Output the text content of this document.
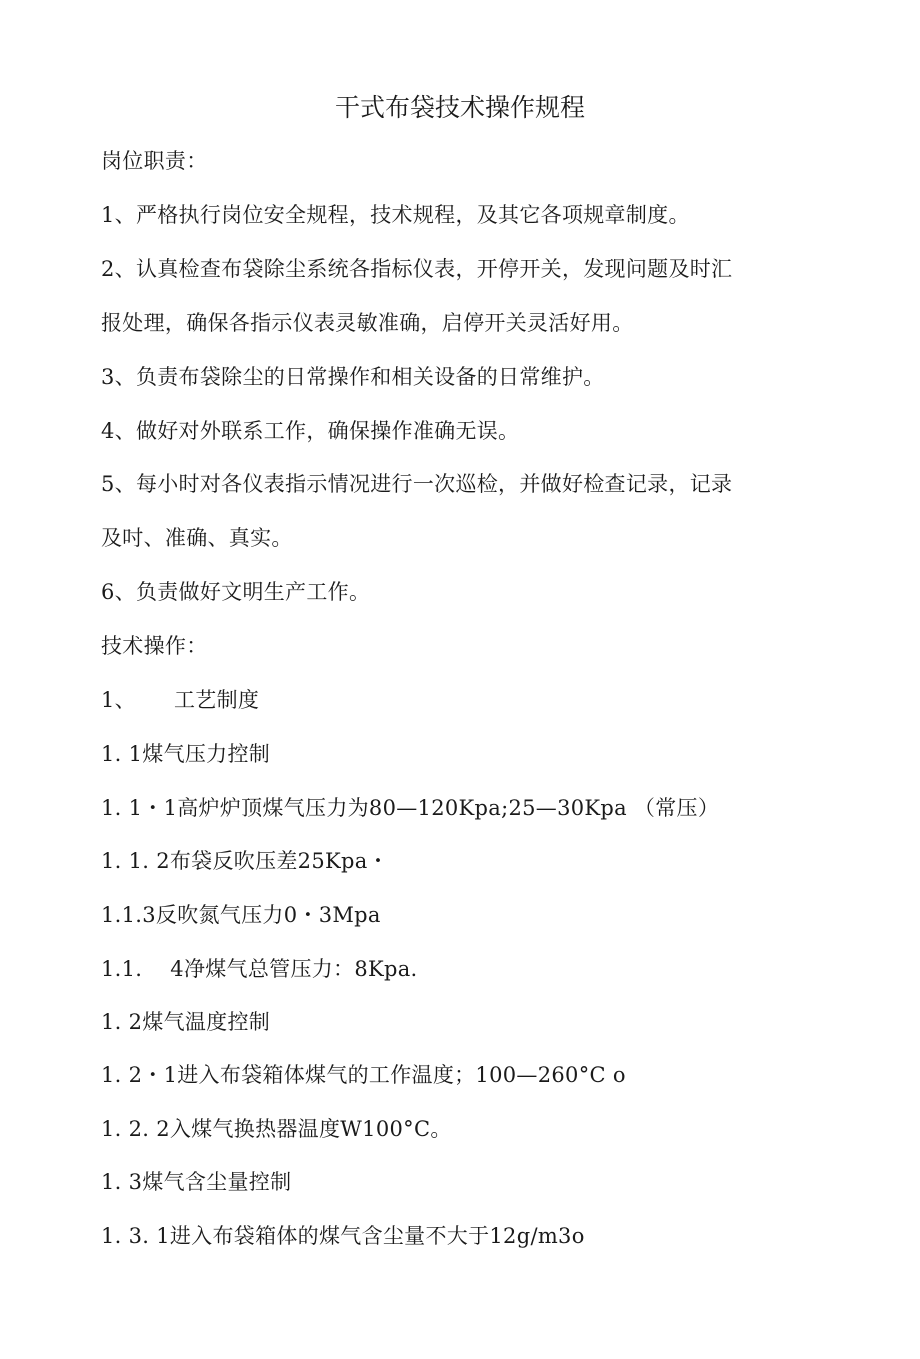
干式布袋技术操作规程
岗位职责：
1、严格执行岗位安全规程，技术规程，及其它各项规章制度。
2、认真检查布袋除尘系统各指标仪表，开停开关，发现问题及时汇
报处理，确保各指示仪表灵敏准确，启停开关灵活好用。
3、负责布袋除尘的日常操作和相关设备的日常维护。
4、做好对外联系工作，确保操作准确无误。
5、每小时对各仪表指示情况进行一次巡检，并做好检查记录，记录
及吋、准确、真实。
6、负责做好文明生产工作。
技术操作：
1、 工艺制度
1. 1煤气压力控制
1. 1・1高炉炉顶煤气压力为80—120Kpa;25—30Kpa （常压）
1. 1. 2布袋反吹压差25Kpa・
1.1.3反吹氮气压力0・3Mpa
1.1. 4净煤气总管压力：8Kpa.
1. 2煤气温度控制
1. 2・1进入布袋箱体煤气的工作温度；100—260°C o
1. 2. 2入煤气换热器温度W100°C。
1. 3煤气含尘量控制
1. 3. 1进入布袋箱体的煤气含尘量不大于12g/m3o
